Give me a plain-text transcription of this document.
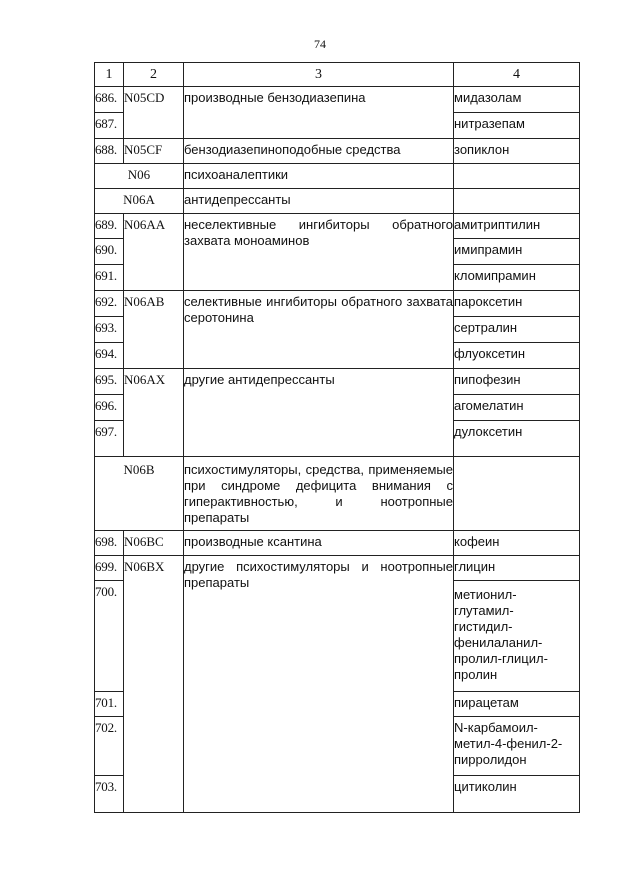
74
1	2	3	4

686.	N05CD	производные бензодиазепина	мидазолам

687.			нитразепам

688.	N05CF	бензодиазепиноподобные средства	зопиклон

N06		психоаналептики	

N06A		антидепрессанты	

689.	N06AA	неселективные ингибиторы обратного захвата моноаминов	амитриптилин

690.			имипрамин

691.			кломипрамин

692.	N06AB	селективные ингибиторы обратного захвата серотонина	пароксетин

693.			сертралин

694.			флуоксетин

695.	N06AX	другие антидепрессанты	пипофезин

696.			агомелатин

697.			дулоксетин

N06B		психостимуляторы, средства, применяемые при синдроме дефицита внимания с гиперактивностью, и ноотропные препараты	

698.	N06BC	производные ксантина	кофеин

699.	N06BX	другие психостимуляторы и ноотропные препараты	глицин

700.			метионил-глутамил-гистидил-фенилаланил-пролил-глицил-пролин

701.			пирацетам

702.			N-карбамоил-метил-4-фенил-2-пирролидон

703.			цитиколин
